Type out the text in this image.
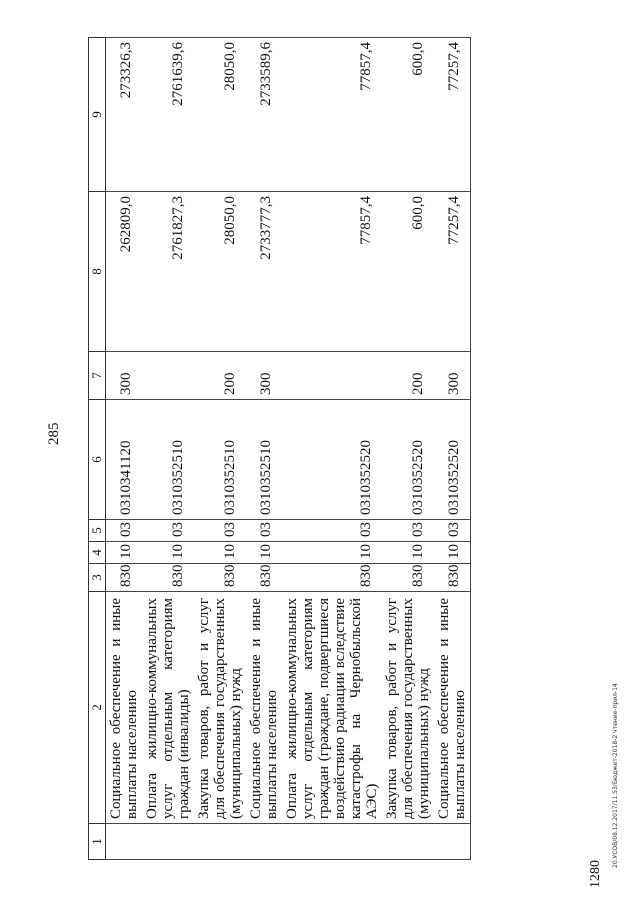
285
1	2	3	4	5	6	7	8	9
	Социальное обеспечение и иные выплаты населению	830	10	03	0310341120	300	262809,0	273326,3
	Оплата жилищно-коммунальных услуг отдельным категориям граждан (инвалиды)	830	10	03	0310352510		2761827,3	2761639,6
	Закупка товаров, работ и услуг для обеспечения государственных (муниципальных) нужд	830	10	03	0310352510	200	28050,0	28050,0
	Социальное обеспечение и иные выплаты населению	830	10	03	0310352510	300	2733777,3	2733589,6
	Оплата жилищно-коммунальных услуг отдельным категориям граждан (граждане, подвергшиеся воздействию радиации вследствие катастрофы на Чернобыльской АЭС)	830	10	03	0310352520		77857,4	77857,4
	Закупка товаров, работ и услуг для обеспечения государственных (муниципальных) нужд	830	10	03	0310352520	200	600,0	600,0
	Социальное обеспечение и иные выплаты населению	830	10	03	0310352520	300	77257,4	77257,4
20.УСОВ/08.12.2017/11.53/Бюджет-2018-2 чтение-прил-14
1280
